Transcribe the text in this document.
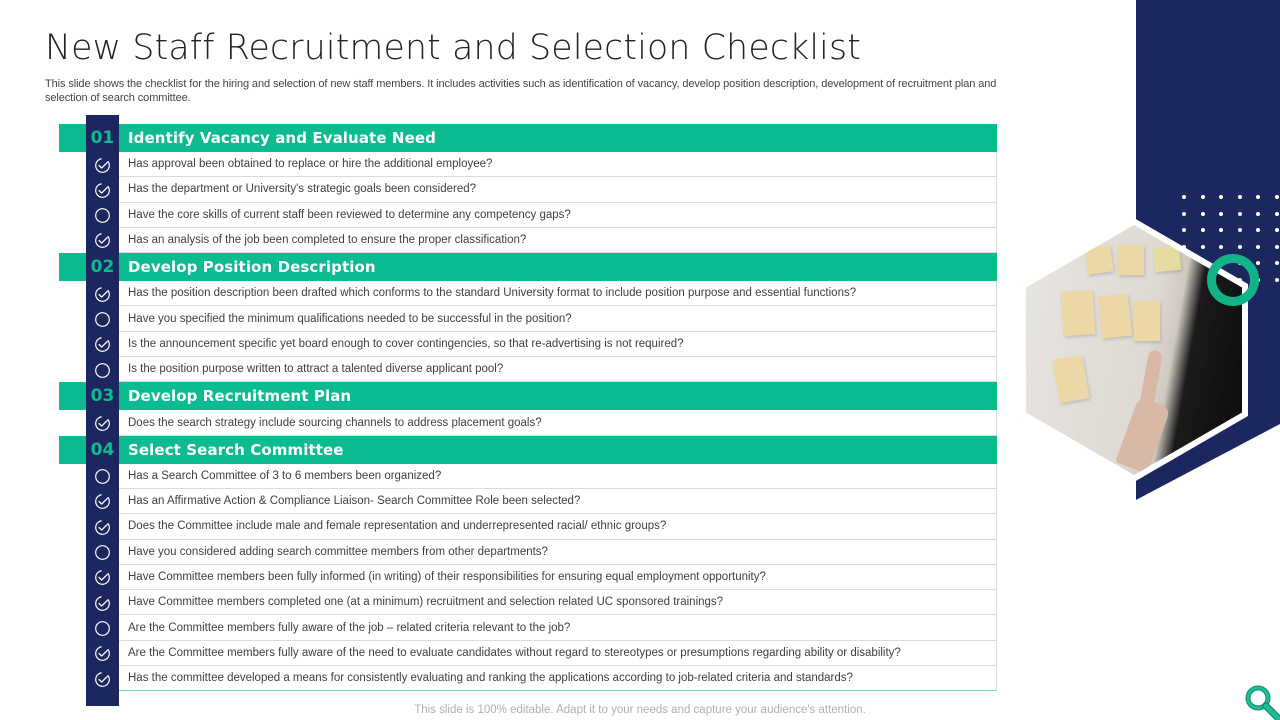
New Staff Recruitment and Selection Checklist

This slide shows the checklist for the hiring and selection of new staff members. It includes activities such as identification of vacancy, develop position description, development of recruitment plan and selection of search committee.

01 Identify Vacancy and Evaluate Need
Has approval been obtained to replace or hire the additional employee?
Has the department or University's strategic goals been considered?
Have the core skills of current staff been reviewed to determine any competency gaps?
Has an analysis of the job been completed to ensure the proper classification?
02 Develop Position Description
Has the position description been drafted which conforms to the standard University format to include position purpose and essential functions?
Have you specified the minimum qualifications needed to be successful in the position?
Is the announcement specific yet board enough to cover contingencies, so that re-advertising is not required?
Is the position purpose written to attract a talented diverse applicant pool?
03 Develop Recruitment Plan
Does the search strategy include sourcing channels to address placement goals?
04 Select Search Committee
Has a Search Committee of 3 to 6 members been organized?
Has an Affirmative Action & Compliance Liaison- Search Committee Role been selected?
Does the Committee include male and female representation and underrepresented racial/ ethnic groups?
Have you considered adding search committee members from other departments?
Have Committee members been fully informed (in writing) of their responsibilities for ensuring equal employment opportunity?
Have Committee members completed one (at a minimum) recruitment and selection related UC sponsored trainings?
Are the Committee members fully aware of the job – related criteria relevant to the job?
Are the Committee members fully aware of the need to evaluate candidates without regard to stereotypes or presumptions regarding ability or disability?
Has the committee developed a means for consistently evaluating and ranking the applications according to job-related criteria and standards?
This slide is 100% editable. Adapt it to your needs and capture your audience's attention.
